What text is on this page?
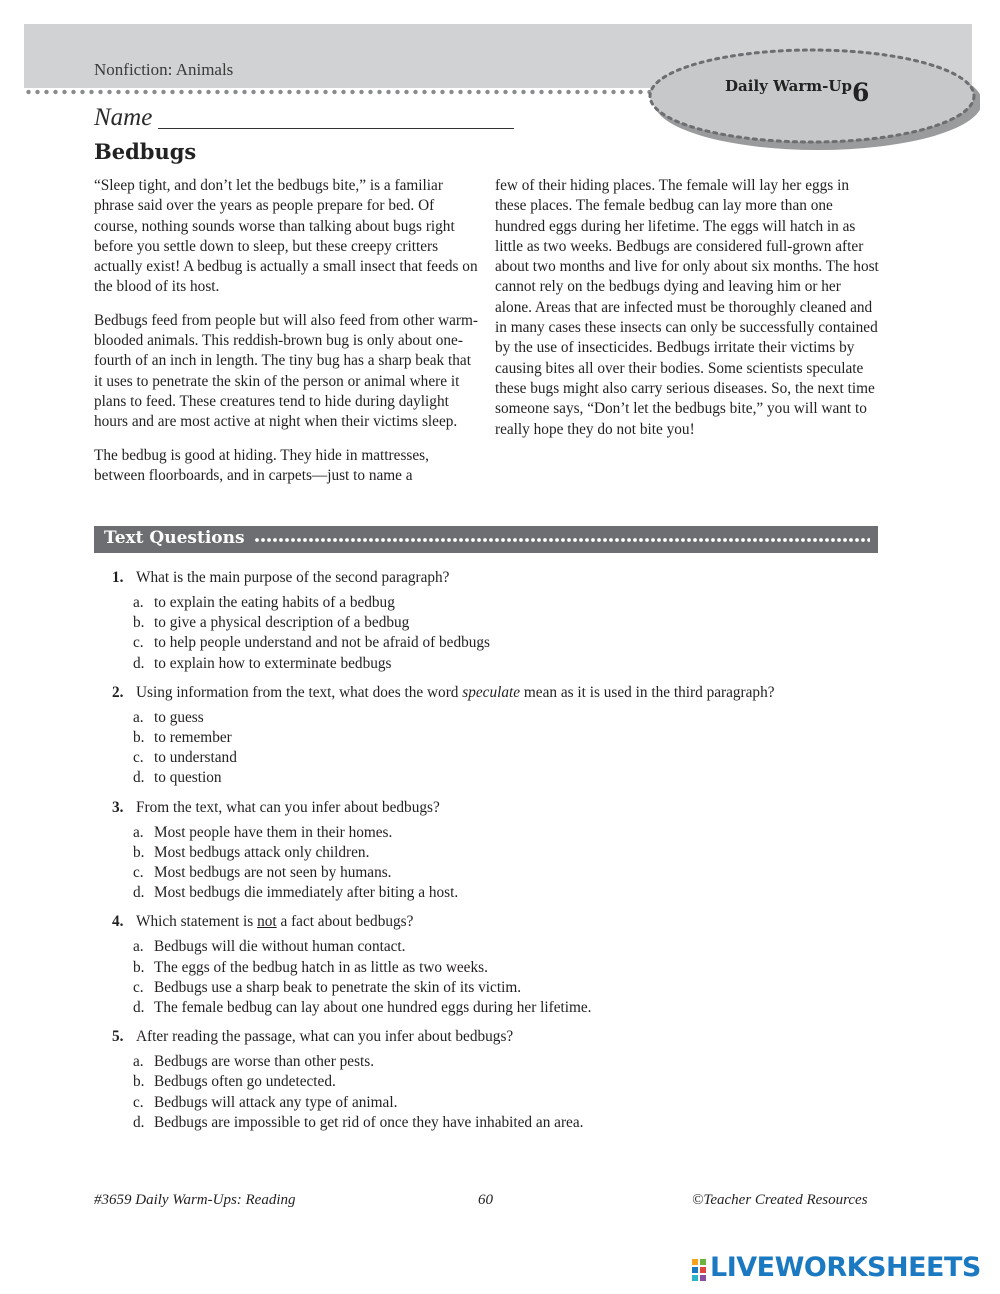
Nonfiction: Animals
Daily Warm-Up 6
Name
Bedbugs

“Sleep tight, and don’t let the bedbugs bite,” is a familiar phrase said over the years as people prepare for bed. Of course, nothing sounds worse than talking about bugs right before you settle down to sleep, but these creepy critters actually exist! A bedbug is actually a small insect that feeds on the blood of its host.

Bedbugs feed from people but will also feed from other warm-blooded animals. This reddish-brown bug is only about one-fourth of an inch in length. The tiny bug has a sharp beak that it uses to penetrate the skin of the person or animal where it plans to feed. These creatures tend to hide during daylight hours and are most active at night when their victims sleep.

The bedbug is good at hiding. They hide in mattresses, between floorboards, and in carpets—just to name a

few of their hiding places. The female will lay her eggs in these places. The female bedbug can lay more than one hundred eggs during her lifetime. The eggs will hatch in as little as two weeks. Bedbugs are considered full-grown after about two months and live for only about six months. The host cannot rely on the bedbugs dying and leaving him or her alone. Areas that are infected must be thoroughly cleaned and in many cases these insects can only be successfully contained by the use of insecticides. Bedbugs irritate their victims by causing bites all over their bodies. Some scientists speculate these bugs might also carry serious diseases. So, the next time someone says, “Don’t let the bedbugs bite,” you will want to really hope they do not bite you!

Text Questions
1. What is the main purpose of the second paragraph?
a. to explain the eating habits of a bedbug
b. to give a physical description of a bedbug
c. to help people understand and not be afraid of bedbugs
d. to explain how to exterminate bedbugs
2. Using information from the text, what does the word speculate mean as it is used in the third paragraph?
a. to guess
b. to remember
c. to understand
d. to question
3. From the text, what can you infer about bedbugs?
a. Most people have them in their homes.
b. Most bedbugs attack only children.
c. Most bedbugs are not seen by humans.
d. Most bedbugs die immediately after biting a host.
4. Which statement is not a fact about bedbugs?
a. Bedbugs will die without human contact.
b. The eggs of the bedbug hatch in as little as two weeks.
c. Bedbugs use a sharp beak to penetrate the skin of its victim.
d. The female bedbug can lay about one hundred eggs during her lifetime.
5. After reading the passage, what can you infer about bedbugs?
a. Bedbugs are worse than other pests.
b. Bedbugs often go undetected.
c. Bedbugs will attack any type of animal.
d. Bedbugs are impossible to get rid of once they have inhabited an area.
#3659 Daily Warm-Ups: Reading	60	©Teacher Created Resources
LIVEWORKSHEETS
